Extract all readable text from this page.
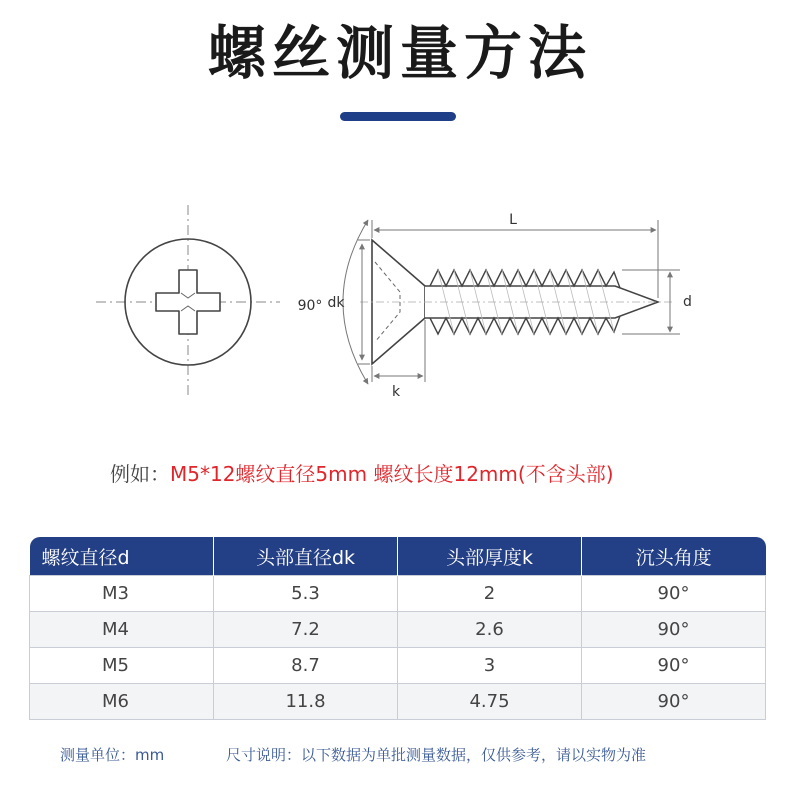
螺丝测量方法
L
dk
k
d
90°
例如：M5*12螺纹直径5mm 螺纹长度12mm(不含头部)
螺纹直径d	头部直径dk	头部厚度k	沉头角度
M3	5.3	2	90°
M4	7.2	2.6	90°
M5	8.7	3	90°
M6	11.8	4.75	90°
测量单位：mm	尺寸说明：以下数据为单批测量数据，仅供参考，请以实物为准
